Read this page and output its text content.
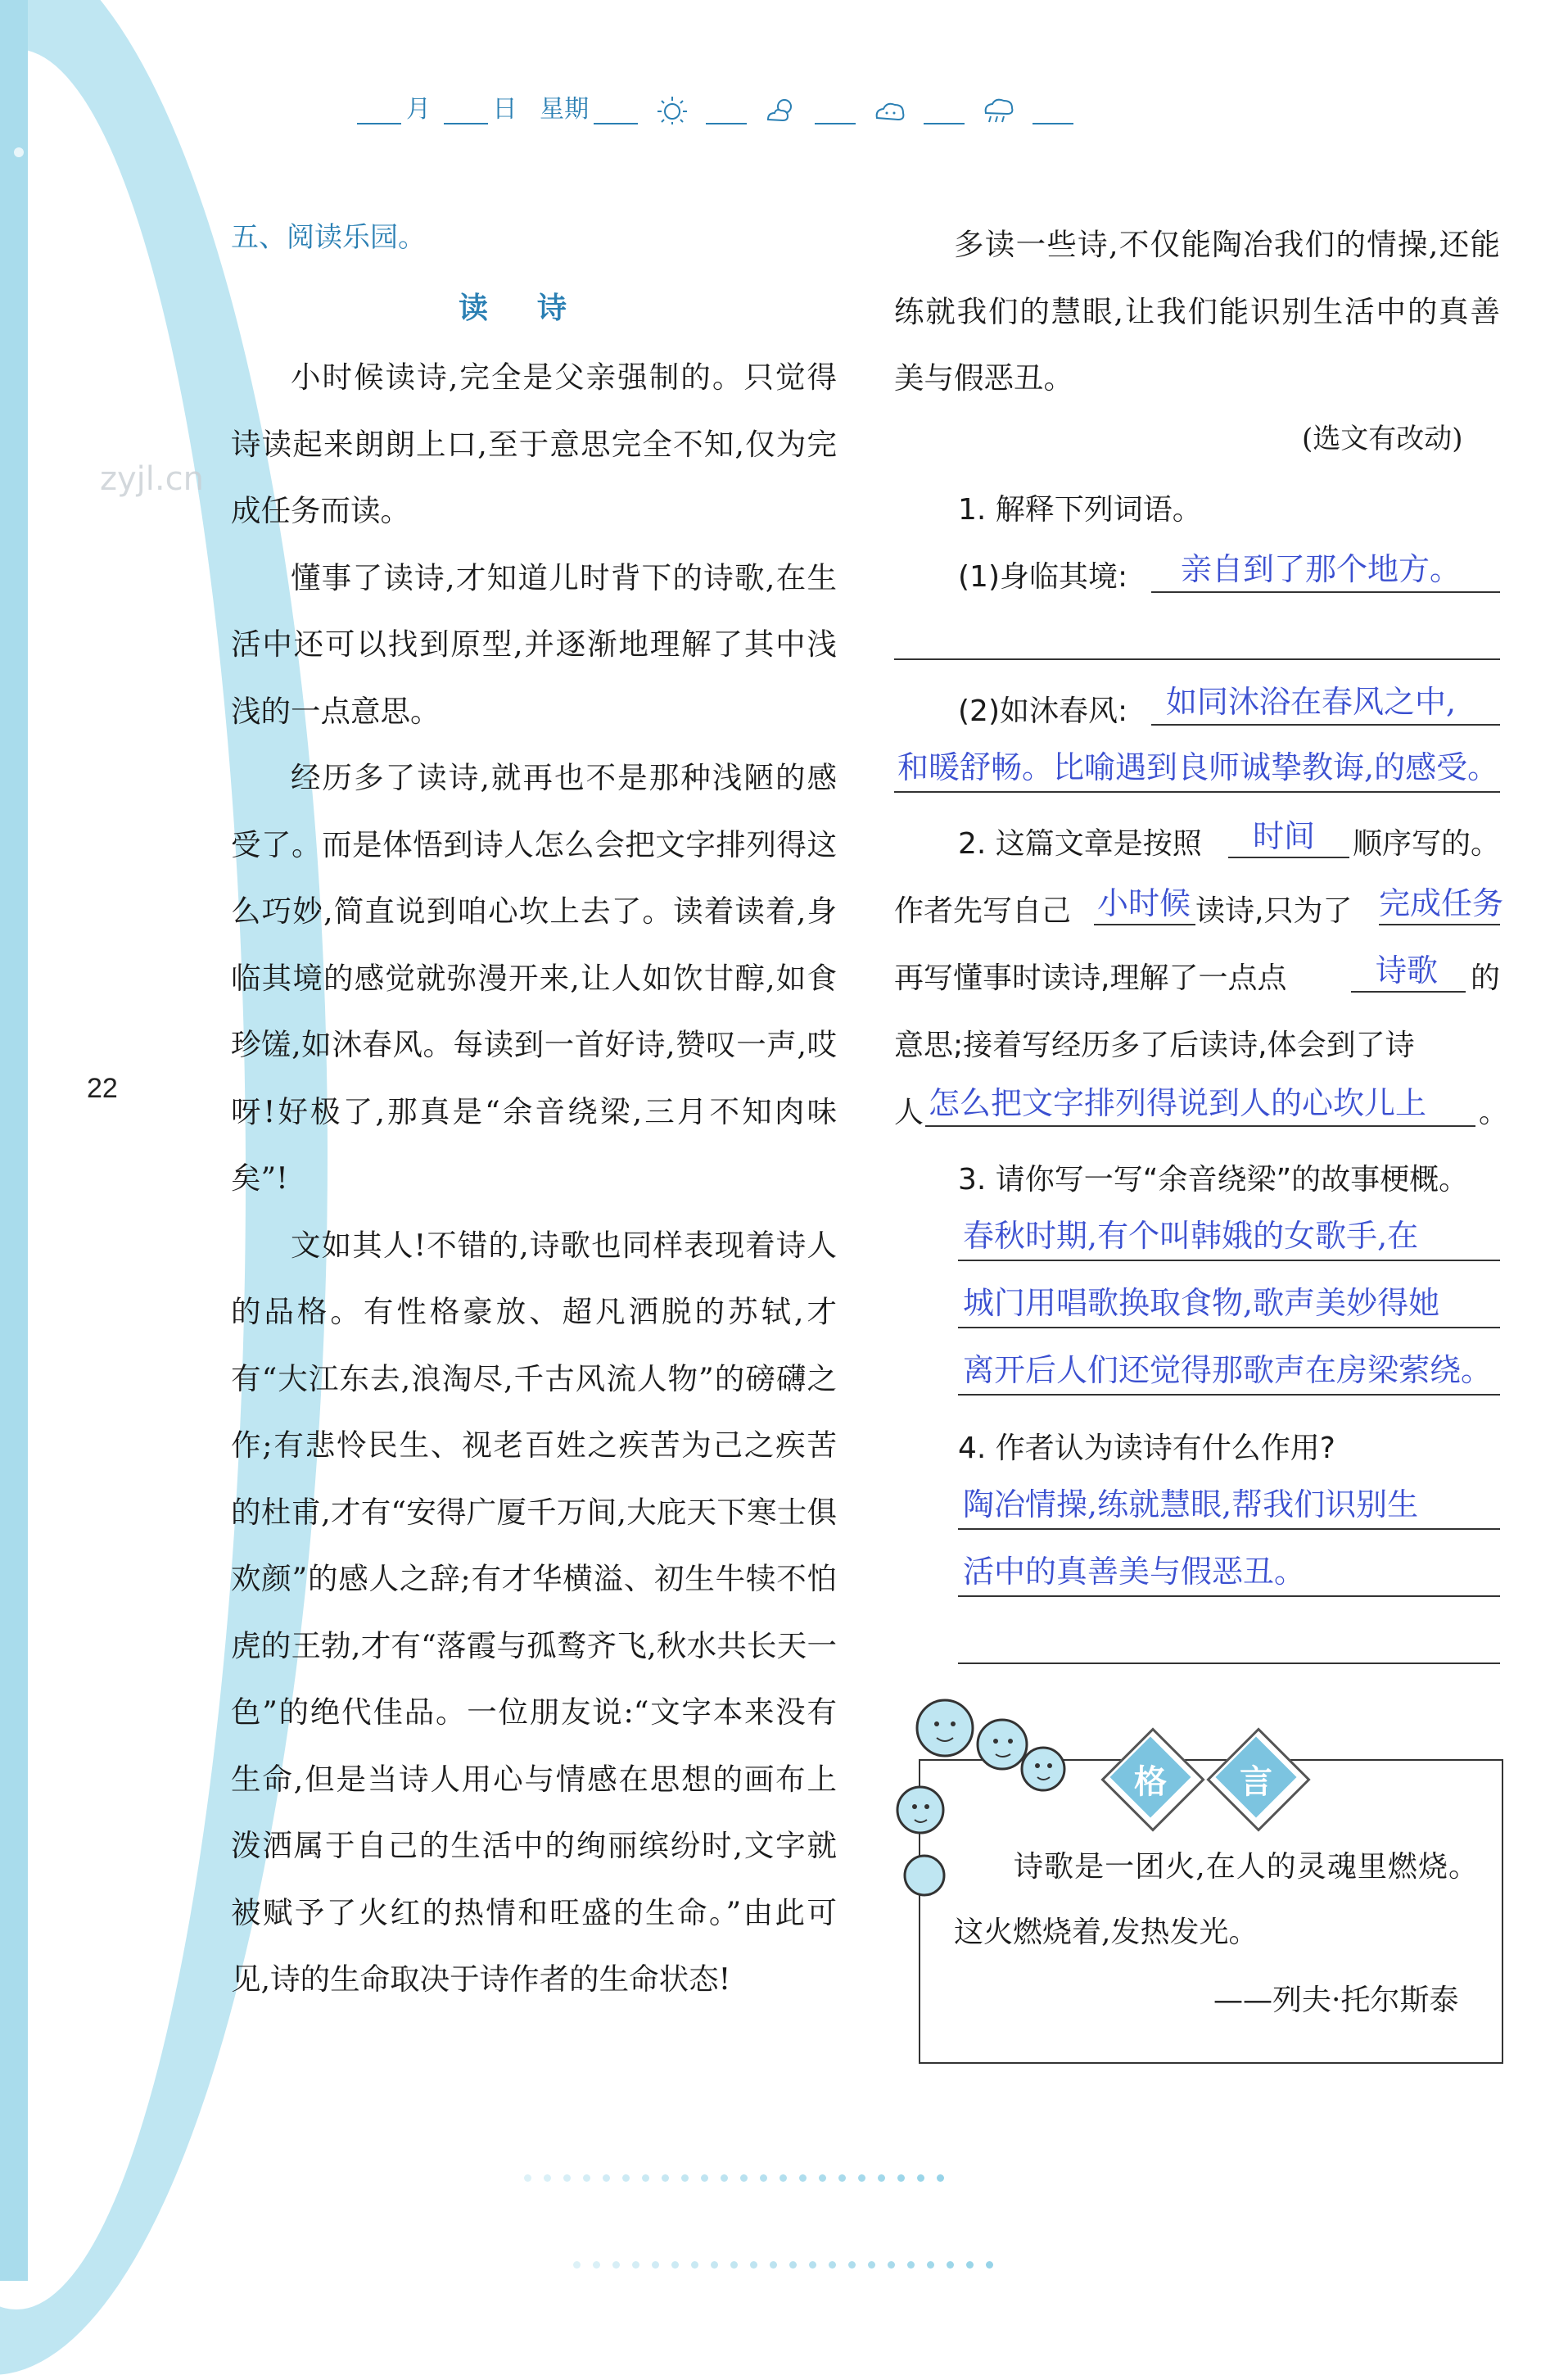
月	日 星期
22
zyjl.cn
五、阅读乐园。
读诗

小时候读诗,完全是父亲强制的。只觉得诗读起来朗朗上口,至于意思完全不知,仅为完成任务而读。

懂事了读诗,才知道儿时背下的诗歌,在生活中还可以找到原型,并逐渐地理解了其中浅浅的一点意思。

经历多了读诗,就再也不是那种浅陋的感受了。而是体悟到诗人怎么会把文字排列得这么巧妙,简直说到咱心坎上去了。读着读着,身临其境的感觉就弥漫开来,让人如饮甘醇,如食珍馐,如沐春风。每读到一首好诗,赞叹一声,哎呀!好极了,那真是“余音绕梁,三月不知肉味矣”!

文如其人!不错的,诗歌也同样表现着诗人的品格。有性格豪放、超凡洒脱的苏轼,才有“大江东去,浪淘尽,千古风流人物”的磅礴之作;有悲怜民生、视老百姓之疾苦为己之疾苦的杜甫,才有“安得广厦千万间,大庇天下寒士俱欢颜”的感人之辞;有才华横溢、初生牛犊不怕虎的王勃,才有“落霞与孤鹜齐飞,秋水共长天一色”的绝代佳品。一位朋友说:“文字本来没有生命,但是当诗人用心与情感在思想的画布上泼洒属于自己的生活中的绚丽缤纷时,文字就被赋予了火红的热情和旺盛的生命。”由此可见,诗的生命取决于诗作者的生命状态!

多读一些诗,不仅能陶冶我们的情操,还能练就我们的慧眼,让我们能识别生活中的真善美与假恶丑。

(选文有改动)
1. 解释下列词语。
(1)身临其境: 亲自到了那个地方。
(2)如沐春风: 如同沐浴在春风之中,
和暖舒畅。比喻遇到良师诚挚教诲,的感受。
2. 这篇文章是按照 时间 顺序写的。
作者先写自己 小时候 读诗,只为了 完成任务
再写懂事时读诗,理解了一点点	诗歌 的
意思;接着写经历多了后读诗,体会到了诗
人 怎么把文字排列得说到人的心坎儿上 。
3. 请你写一写“余音绕梁”的故事梗概。
春秋时期,有个叫韩娥的女歌手,在
城门用唱歌换取食物,歌声美妙得她
离开后人们还觉得那歌声在房梁萦绕。
4. 作者认为读诗有什么作用?
陶冶情操,练就慧眼,帮我们识别生
活中的真善美与假恶丑。
格 言

诗歌是一团火,在人的灵魂里燃烧。这火燃烧着,发热发光。

——列夫·托尔斯泰
